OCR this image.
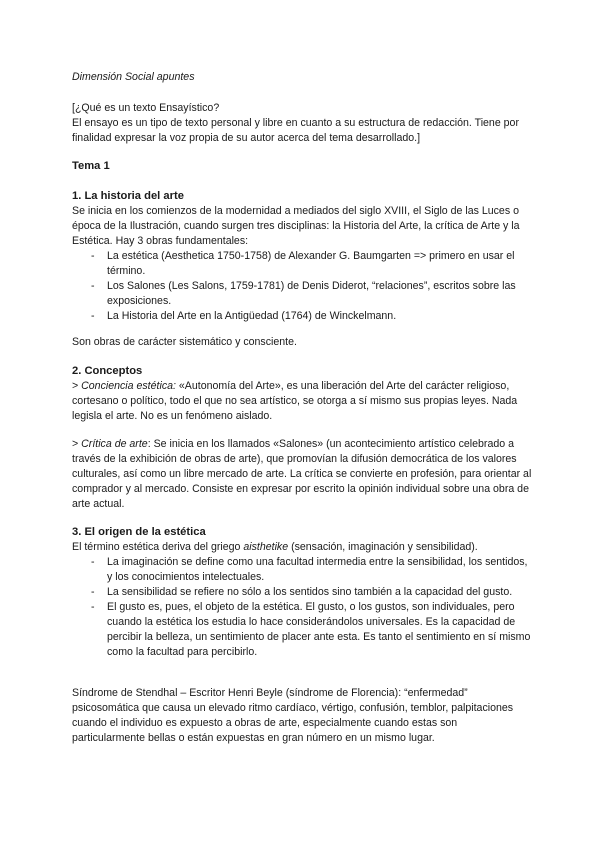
Dimensión Social apuntes

[¿Qué es un texto Ensayístico?

El ensayo es un tipo de texto personal y libre en cuanto a su estructura de redacción. Tiene por finalidad expresar la voz propia de su autor acerca del tema desarrollado.]

Tema 1

1. La historia del arte

Se inicia en los comienzos de la modernidad a mediados del siglo XVIII, el Siglo de las Luces o época de la Ilustración, cuando surgen tres disciplinas: la Historia del Arte, la crítica de Arte y la Estética. Hay 3 obras fundamentales:

- La estética (Aesthetica 1750-1758) de Alexander G. Baumgarten => primero en usar el término.
- Los Salones (Les Salons, 1759-1781) de Denis Diderot, “relaciones”, escritos sobre las exposiciones.
- La Historia del Arte en la Antigüedad (1764) de Winckelmann.

Son obras de carácter sistemático y consciente.

2. Conceptos

> Conciencia estética: «Autonomía del Arte», es una liberación del Arte del carácter religioso, cortesano o político, todo el que no sea artístico, se otorga a sí mismo sus propias leyes. Nada legisla el arte. No es un fenómeno aislado.

> Crítica de arte: Se inicia en los llamados «Salones» (un acontecimiento artístico celebrado a través de la exhibición de obras de arte), que promovían la difusión democrática de los valores culturales, así como un libre mercado de arte. La crítica se convierte en profesión, para orientar al comprador y al mercado. Consiste en expresar por escrito la opinión individual sobre una obra de arte actual.

3. El origen de la estética

El término estética deriva del griego aisthetike (sensación, imaginación y sensibilidad).

- La imaginación se define como una facultad intermedia entre la sensibilidad, los sentidos, y los conocimientos intelectuales.
- La sensibilidad se refiere no sólo a los sentidos sino también a la capacidad del gusto.
- El gusto es, pues, el objeto de la estética. El gusto, o los gustos, son individuales, pero cuando la estética los estudia lo hace considerándolos universales. Es la capacidad de percibir la belleza, un sentimiento de placer ante esta. Es tanto el sentimiento en sí mismo como la facultad para percibirlo.

Síndrome de Stendhal – Escritor Henri Beyle (síndrome de Florencia): “enfermedad” psicosomática que causa un elevado ritmo cardíaco, vértigo, confusión, temblor, palpitaciones cuando el individuo es expuesto a obras de arte, especialmente cuando estas son particularmente bellas o están expuestas en gran número en un mismo lugar.
